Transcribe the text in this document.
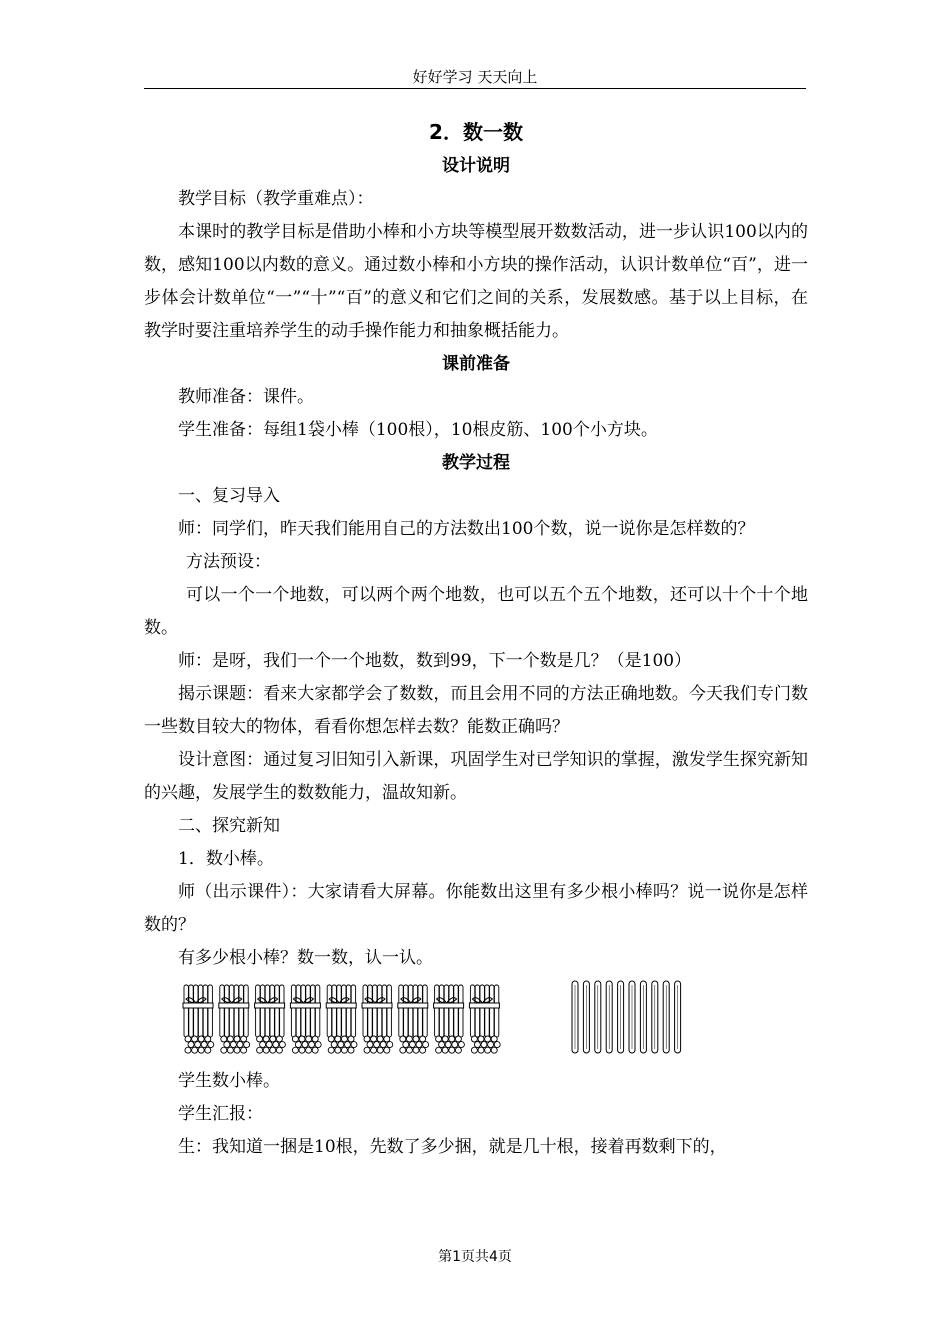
好好学习 天天向上

2．数一数

设计说明

教学目标（教学重难点）：

本课时的教学目标是借助小棒和小方块等模型展开数数活动，进一步认识100以内的数，感知100以内数的意义。通过数小棒和小方块的操作活动，认识计数单位“百”，进一步体会计数单位“一”“十”“百”的意义和它们之间的关系，发展数感。基于以上目标，在教学时要注重培养学生的动手操作能力和抽象概括能力。

课前准备

教师准备：课件。

学生准备：每组1袋小棒（100根），10根皮筋、100个小方块。

教学过程

一、复习导入

师：同学们，昨天我们能用自己的方法数出100个数，说一说你是怎样数的？

方法预设：

可以一个一个地数，可以两个两个地数，也可以五个五个地数，还可以十个十个地数。

师：是呀，我们一个一个地数，数到99，下一个数是几？（是100）

揭示课题：看来大家都学会了数数，而且会用不同的方法正确地数。今天我们专门数一些数目较大的物体，看看你想怎样去数？能数正确吗？

设计意图：通过复习旧知引入新课，巩固学生对已学知识的掌握，激发学生探究新知的兴趣，发展学生的数数能力，温故知新。

二、探究新知

1．数小棒。

师（出示课件）：大家请看大屏幕。你能数出这里有多少根小棒吗？说一说你是怎样数的？

有多少根小棒？数一数，认一认。

学生数小棒。

学生汇报：

生：我知道一捆是10根，先数了多少捆，就是几十根，接着再数剩下的，

第1页共4页
